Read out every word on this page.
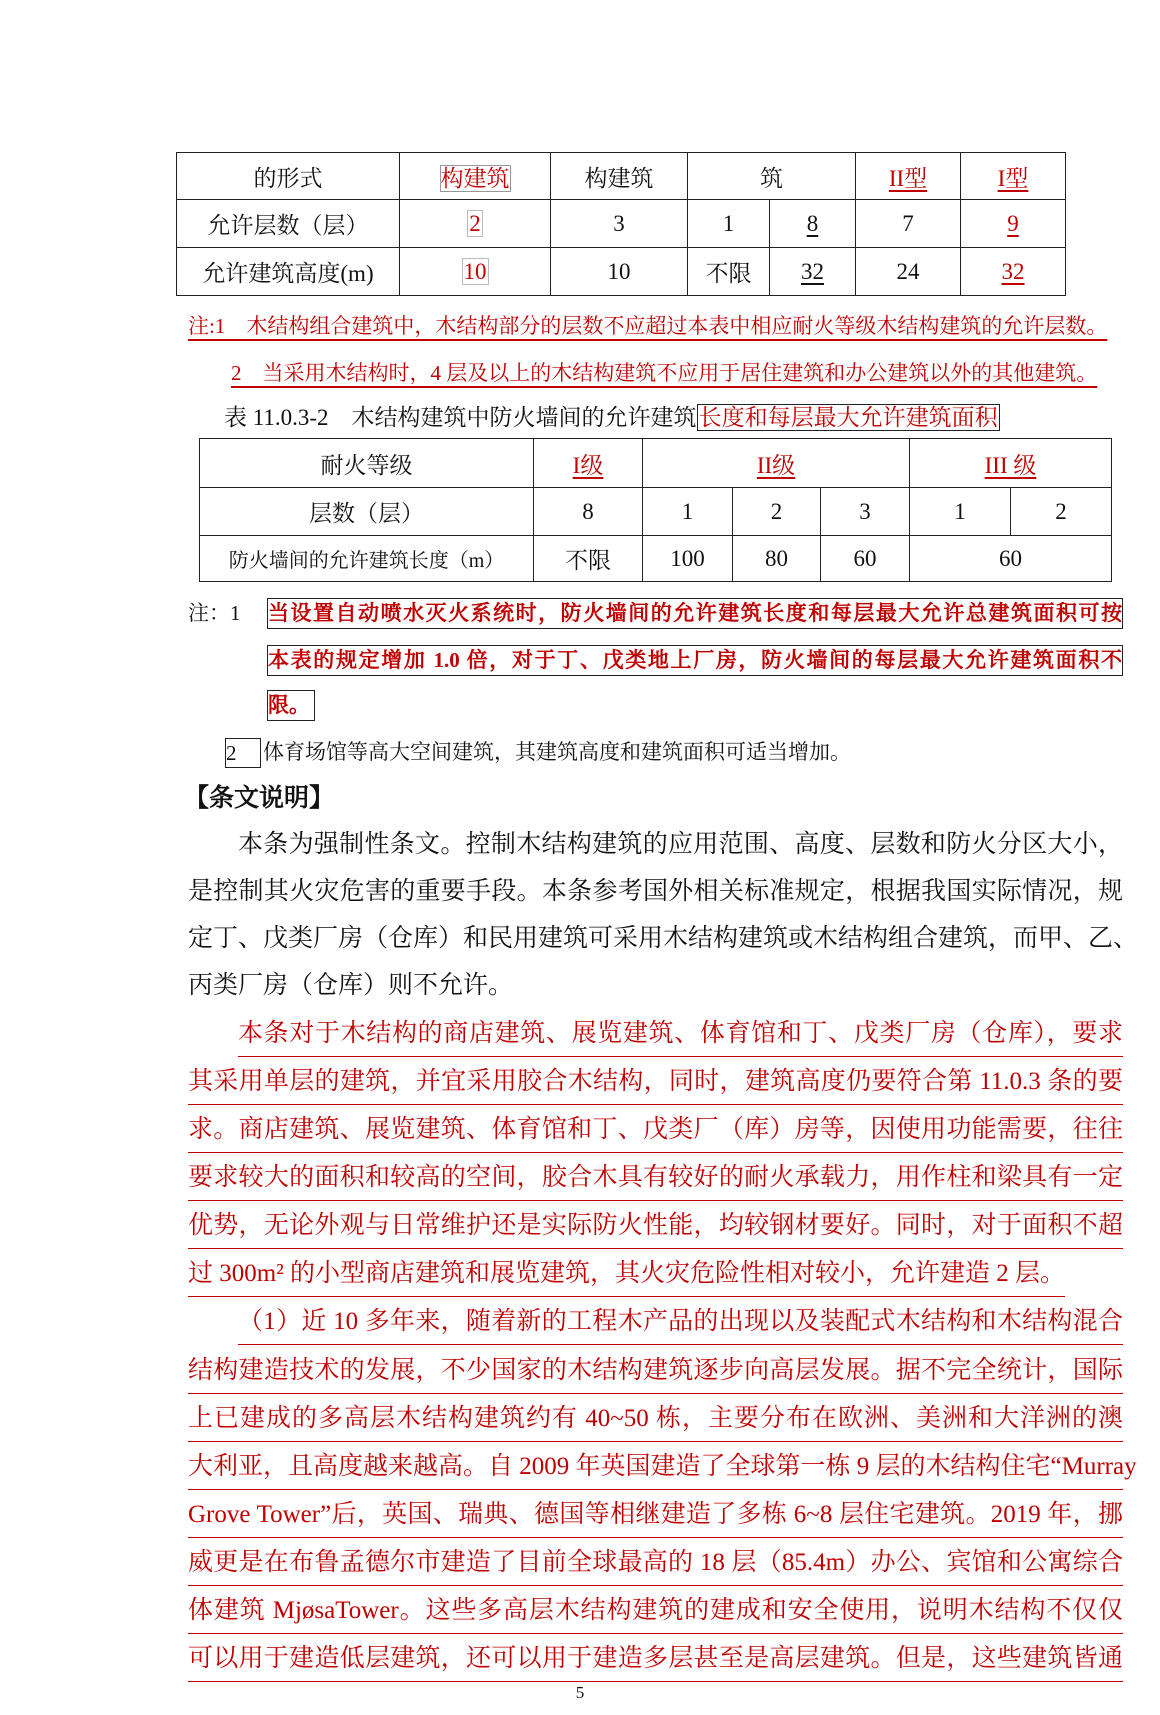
的形式	构建筑	构建筑	筑		II型	I型
允许层数（层）	2	3	1	8	7	9
允许建筑高度(m)	10	10	不限	32	24	32
注:1　木结构组合建筑中，木结构部分的层数不应超过本表中相应耐火等级木结构建筑的允许层数。
2　当采用木结构时，4 层及以上的木结构建筑不应用于居住建筑和办公建筑以外的其他建筑。
表 11.0.3-2　木结构建筑中防火墙间的允许建筑长度和每层最大允许建筑面积
耐火等级	I级	II级			III 级	
层数（层）	8	1	2	3	1	2
防火墙间的允许建筑长度（m）	不限	100	80	60	60	
注：1 当设置自动喷水灭火系统时，防火墙间的允许建筑长度和每层最大允许总建筑面积可按
本表的规定增加 1.0 倍，对于丁、戊类地上厂房，防火墙间的每层最大允许建筑面积不
限。
2	体育场馆等高大空间建筑，其建筑高度和建筑面积可适当增加。
【条文说明】
本条为强制性条文。控制木结构建筑的应用范围、高度、层数和防火分区大小，
是控制其火灾危害的重要手段。本条参考国外相关标准规定，根据我国实际情况，规
定丁、戊类厂房（仓库）和民用建筑可采用木结构建筑或木结构组合建筑，而甲、乙、
丙类厂房（仓库）则不允许。
本条对于木结构的商店建筑、展览建筑、体育馆和丁、戊类厂房（仓库），要求
其采用单层的建筑，并宜采用胶合木结构，同时，建筑高度仍要符合第 11.0.3 条的要
求。商店建筑、展览建筑、体育馆和丁、戊类厂（库）房等，因使用功能需要，往往
要求较大的面积和较高的空间，胶合木具有较好的耐火承载力，用作柱和梁具有一定
优势，无论外观与日常维护还是实际防火性能，均较钢材要好。同时，对于面积不超
过 300m² 的小型商店建筑和展览建筑，其火灾危险性相对较小，允许建造 2 层。
（1）近 10 多年来，随着新的工程木产品的出现以及装配式木结构和木结构混合
结构建造技术的发展，不少国家的木结构建筑逐步向高层发展。据不完全统计，国际
上已建成的多高层木结构建筑约有 40~50 栋，主要分布在欧洲、美洲和大洋洲的澳
大利亚，且高度越来越高。自 2009 年英国建造了全球第一栋 9 层的木结构住宅“Murray
Grove Tower”后，英国、瑞典、德国等相继建造了多栋 6~8 层住宅建筑。2019 年，挪
威更是在布鲁孟德尔市建造了目前全球最高的 18 层（85.4m）办公、宾馆和公寓综合
体建筑 MjøsaTower。这些多高层木结构建筑的建成和安全使用，说明木结构不仅仅
可以用于建造低层建筑，还可以用于建造多层甚至是高层建筑。但是，这些建筑皆通
5
